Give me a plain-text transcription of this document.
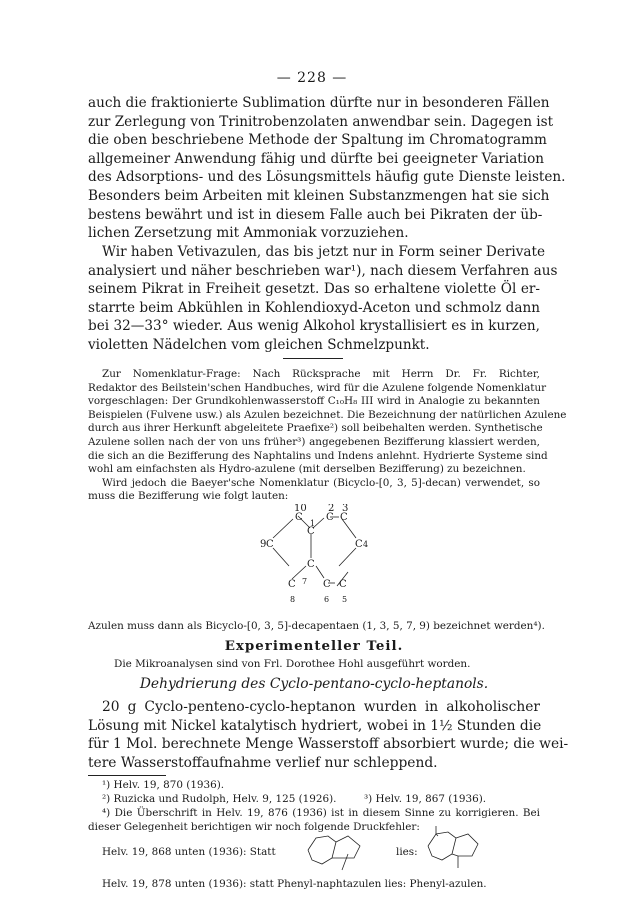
— 228 —
auch die fraktionierte Sublimation dürfte nur in besonderen Fällen
zur Zerlegung von Trinitrobenzolaten anwendbar sein. Dagegen ist
die oben beschriebene Methode der Spaltung im Chromatogramm
allgemeiner Anwendung fähig und dürfte bei geeigneter Variation
des Adsorptions- und des Lösungsmittels häufig gute Dienste leisten.
Besonders beim Arbeiten mit kleinen Substanzmengen hat sie sich
bestens bewährt und ist in diesem Falle auch bei Pikraten der üb-
lichen Zersetzung mit Ammoniak vorzuziehen.
Wir haben Vetivazulen, das bis jetzt nur in Form seiner Derivate
analysiert und näher beschrieben war¹), nach diesem Verfahren aus
seinem Pikrat in Freiheit gesetzt. Das so erhaltene violette Öl er-
starrte beim Abkühlen in Kohlendioxyd-Aceton und schmolz dann
bei 32—33° wieder. Aus wenig Alkohol krystallisiert es in kurzen,
violetten Nädelchen vom gleichen Schmelzpunkt.
Zur Nomenklatur-Frage: Nach Rücksprache mit Herrn Dr. Fr. Richter,
Redaktor des Beilstein'schen Handbuches, wird für die Azulene folgende Nomenklatur
vorgeschlagen: Der Grundkohlenwasserstoff C₁₀H₈ III wird in Analogie zu bekannten
Beispielen (Fulvene usw.) als Azulen bezeichnet. Die Bezeichnung der natürlichen Azulene
durch aus ihrer Herkunft abgeleitete Praefixe²) soll beibehalten werden. Synthetische
Azulene sollen nach der von uns früher³) angegebenen Bezifferung klassiert werden,
die sich an die Bezifferung des Naphtalins und Indens anlehnt. Hydrierte Systeme sind
wohl am einfachsten als Hydro-azulene (mit derselben Bezifferung) zu bezeichnen.
Wird jedoch die Baeyer'sche Nomenklatur (Bicyclo-[0, 3, 5]-decan) verwendet, so
muss die Bezifferung wie folgt lauten:
10 2 3
C C C
1
C
9 C	C 4
C
C 7 C C
8	6 5
Azulen muss dann als Bicyclo-[0, 3, 5]-decapentaen (1, 3, 5, 7, 9) bezeichnet werden⁴).
Experimenteller Teil.
Die Mikroanalysen sind von Frl. Dorothee Hohl ausgeführt worden.
Dehydrierung des Cyclo-pentano-cyclo-heptanols.
20 g Cyclo-penteno-cyclo-heptanon wurden in alkoholischer
Lösung mit Nickel katalytisch hydriert, wobei in 1½ Stunden die
für 1 Mol. berechnete Menge Wasserstoff absorbiert wurde; die wei-
tere Wasserstoffaufnahme verlief nur schleppend.
¹) Helv. 19, 870 (1936).
²) Ruzicka und Rudolph, Helv. 9, 125 (1926).	³) Helv. 19, 867 (1936).
⁴) Die Überschrift in Helv. 19, 876 (1936) ist in diesem Sinne zu korrigieren. Bei
dieser Gelegenheit berichtigen wir noch folgende Druckfehler:
Helv. 19, 868 unten (1936): Statt	lies:
Helv. 19, 878 unten (1936): statt Phenyl-naphtazulen lies: Phenyl-azulen.
